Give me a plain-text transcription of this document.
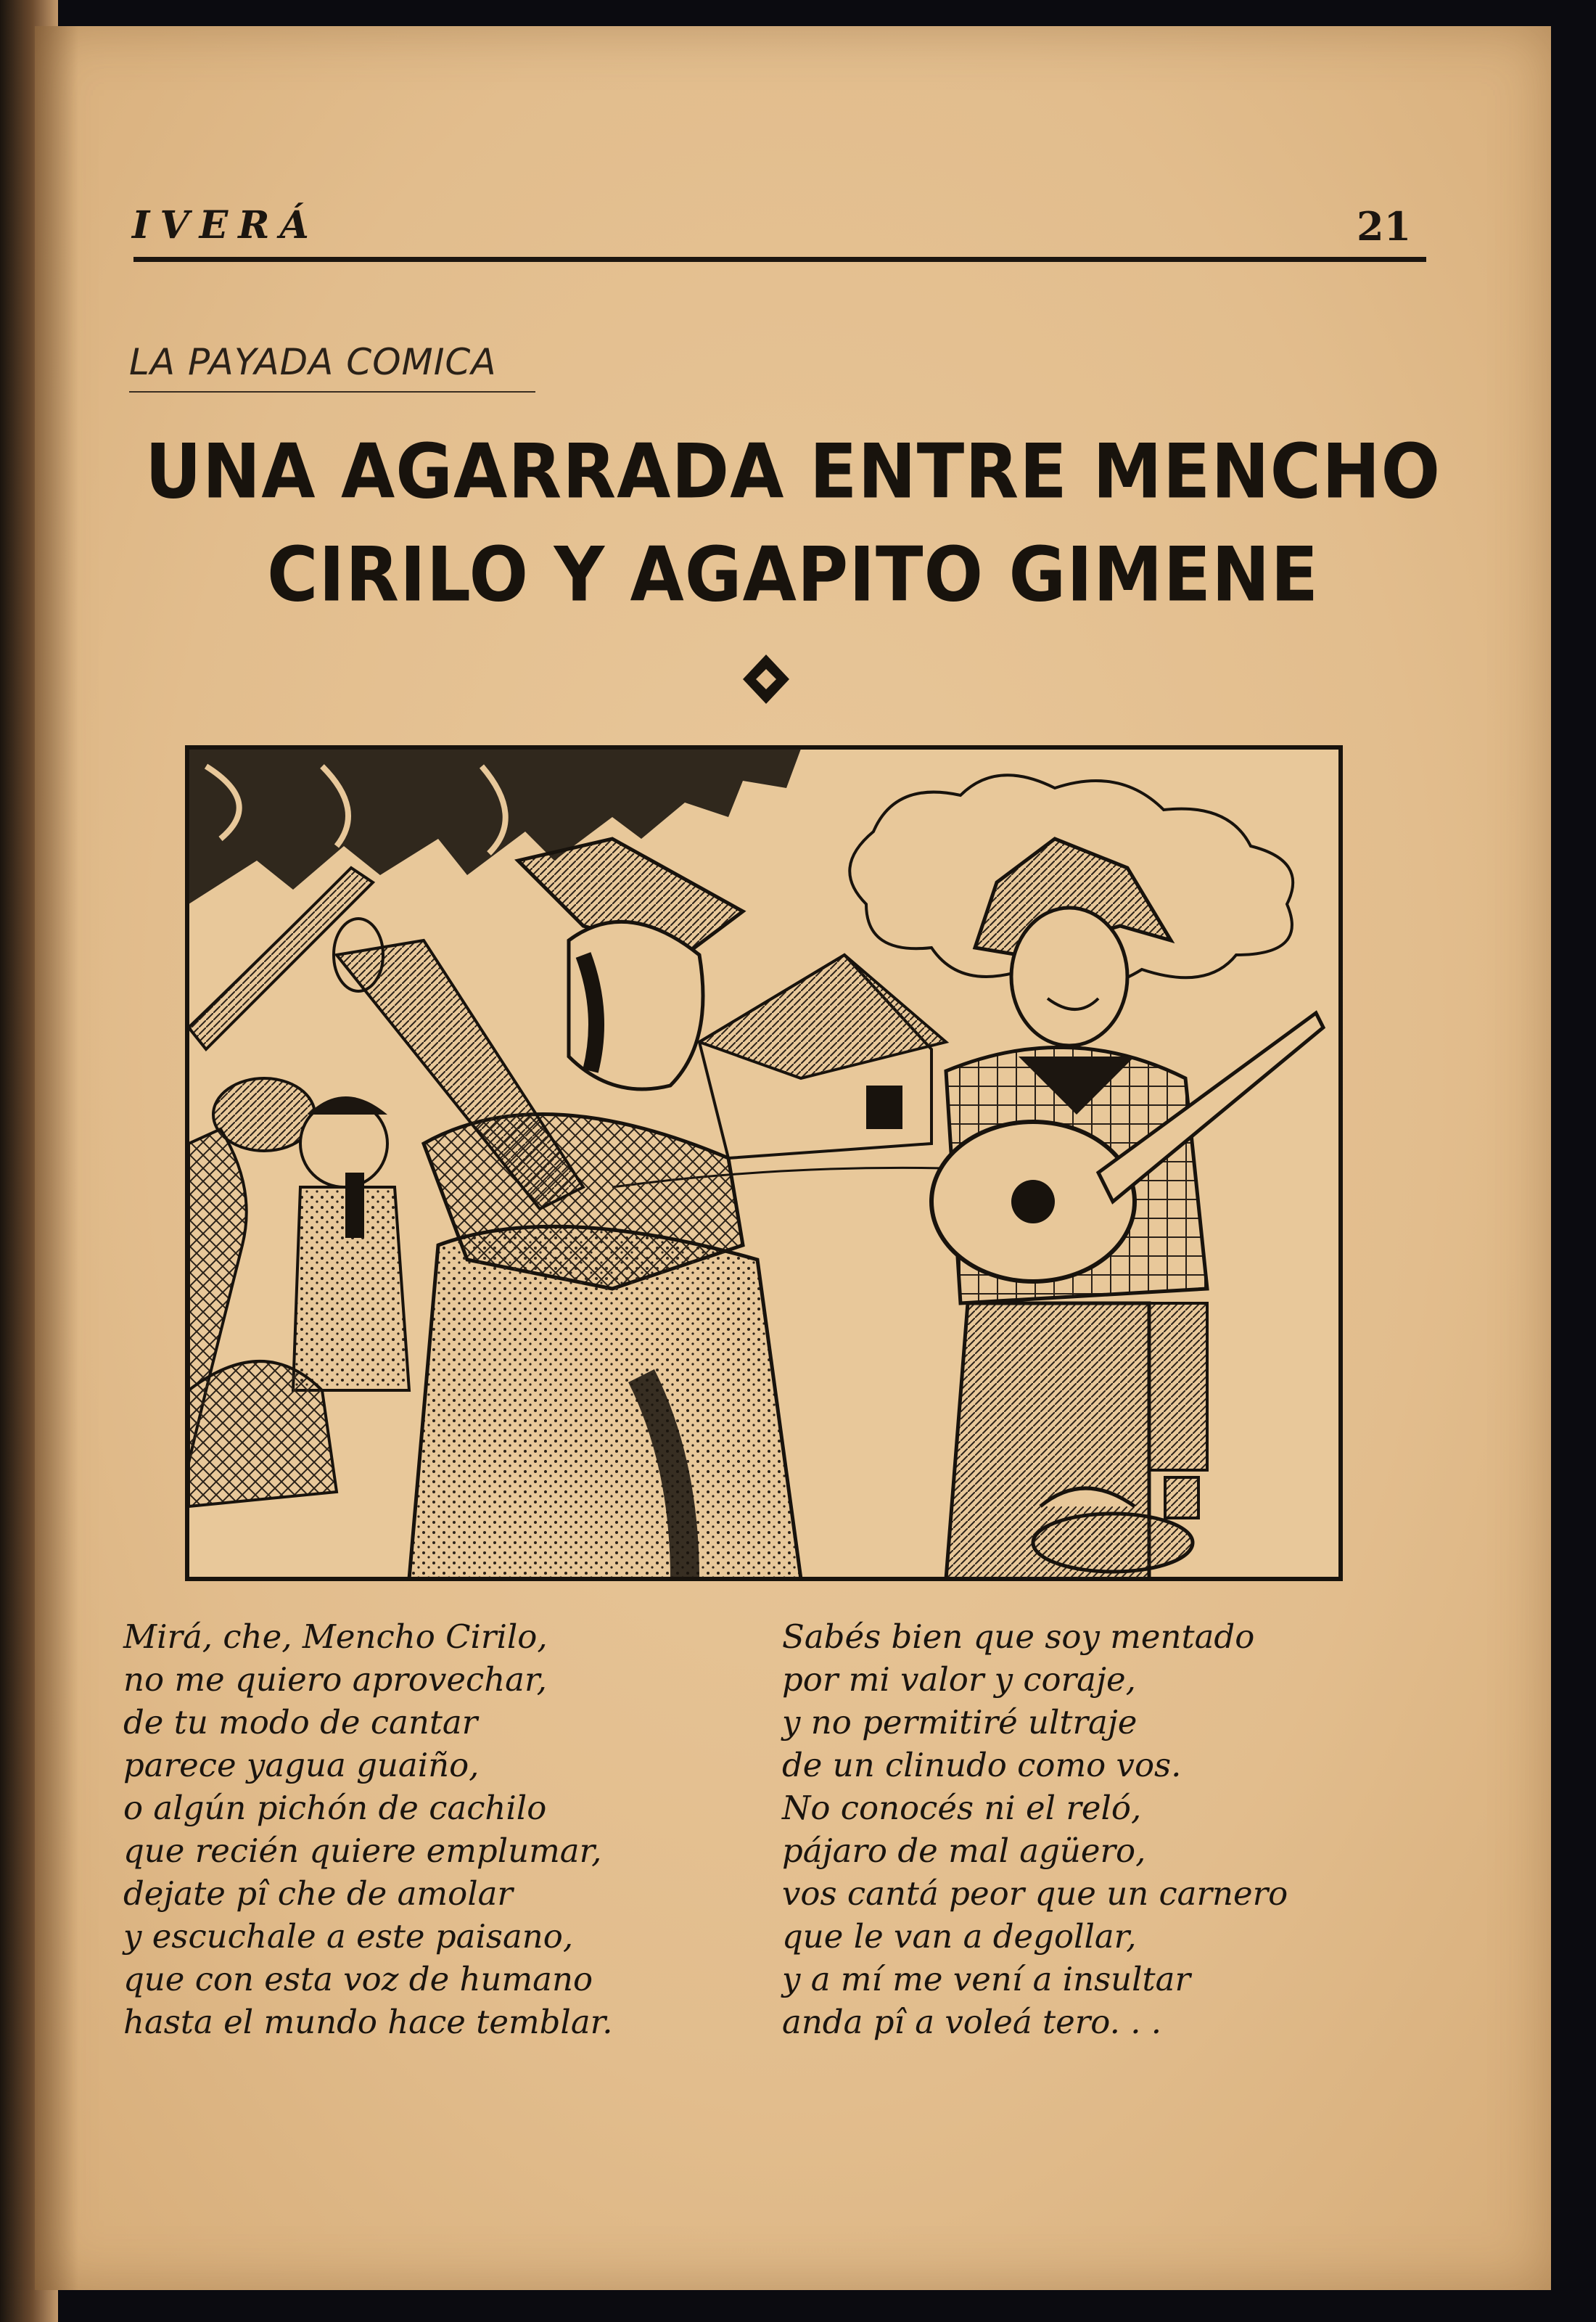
IVERÁ	21
LA PAYADA COMICA
UNA AGARRADA ENTRE MENCHO
CIRILO Y AGAPITO GIMENE
Mirá, che, Mencho Cirilo,
no me quiero aprovechar,
de tu modo de cantar
parece yagua guaiño,
o algún pichón de cachilo
que recién quiere emplumar,
dejate pî che de amolar
y escuchale a este paisano,
que con esta voz de humano
hasta el mundo hace temblar.
Sabés bien que soy mentado
por mi valor y coraje,
y no permitiré ultraje
de un clinudo como vos.
No conocés ni el reló,
pájaro de mal agüero,
vos cantá peor que un carnero
que le van a degollar,
y a mí me vení a insultar
anda pî a voleá tero. . .
